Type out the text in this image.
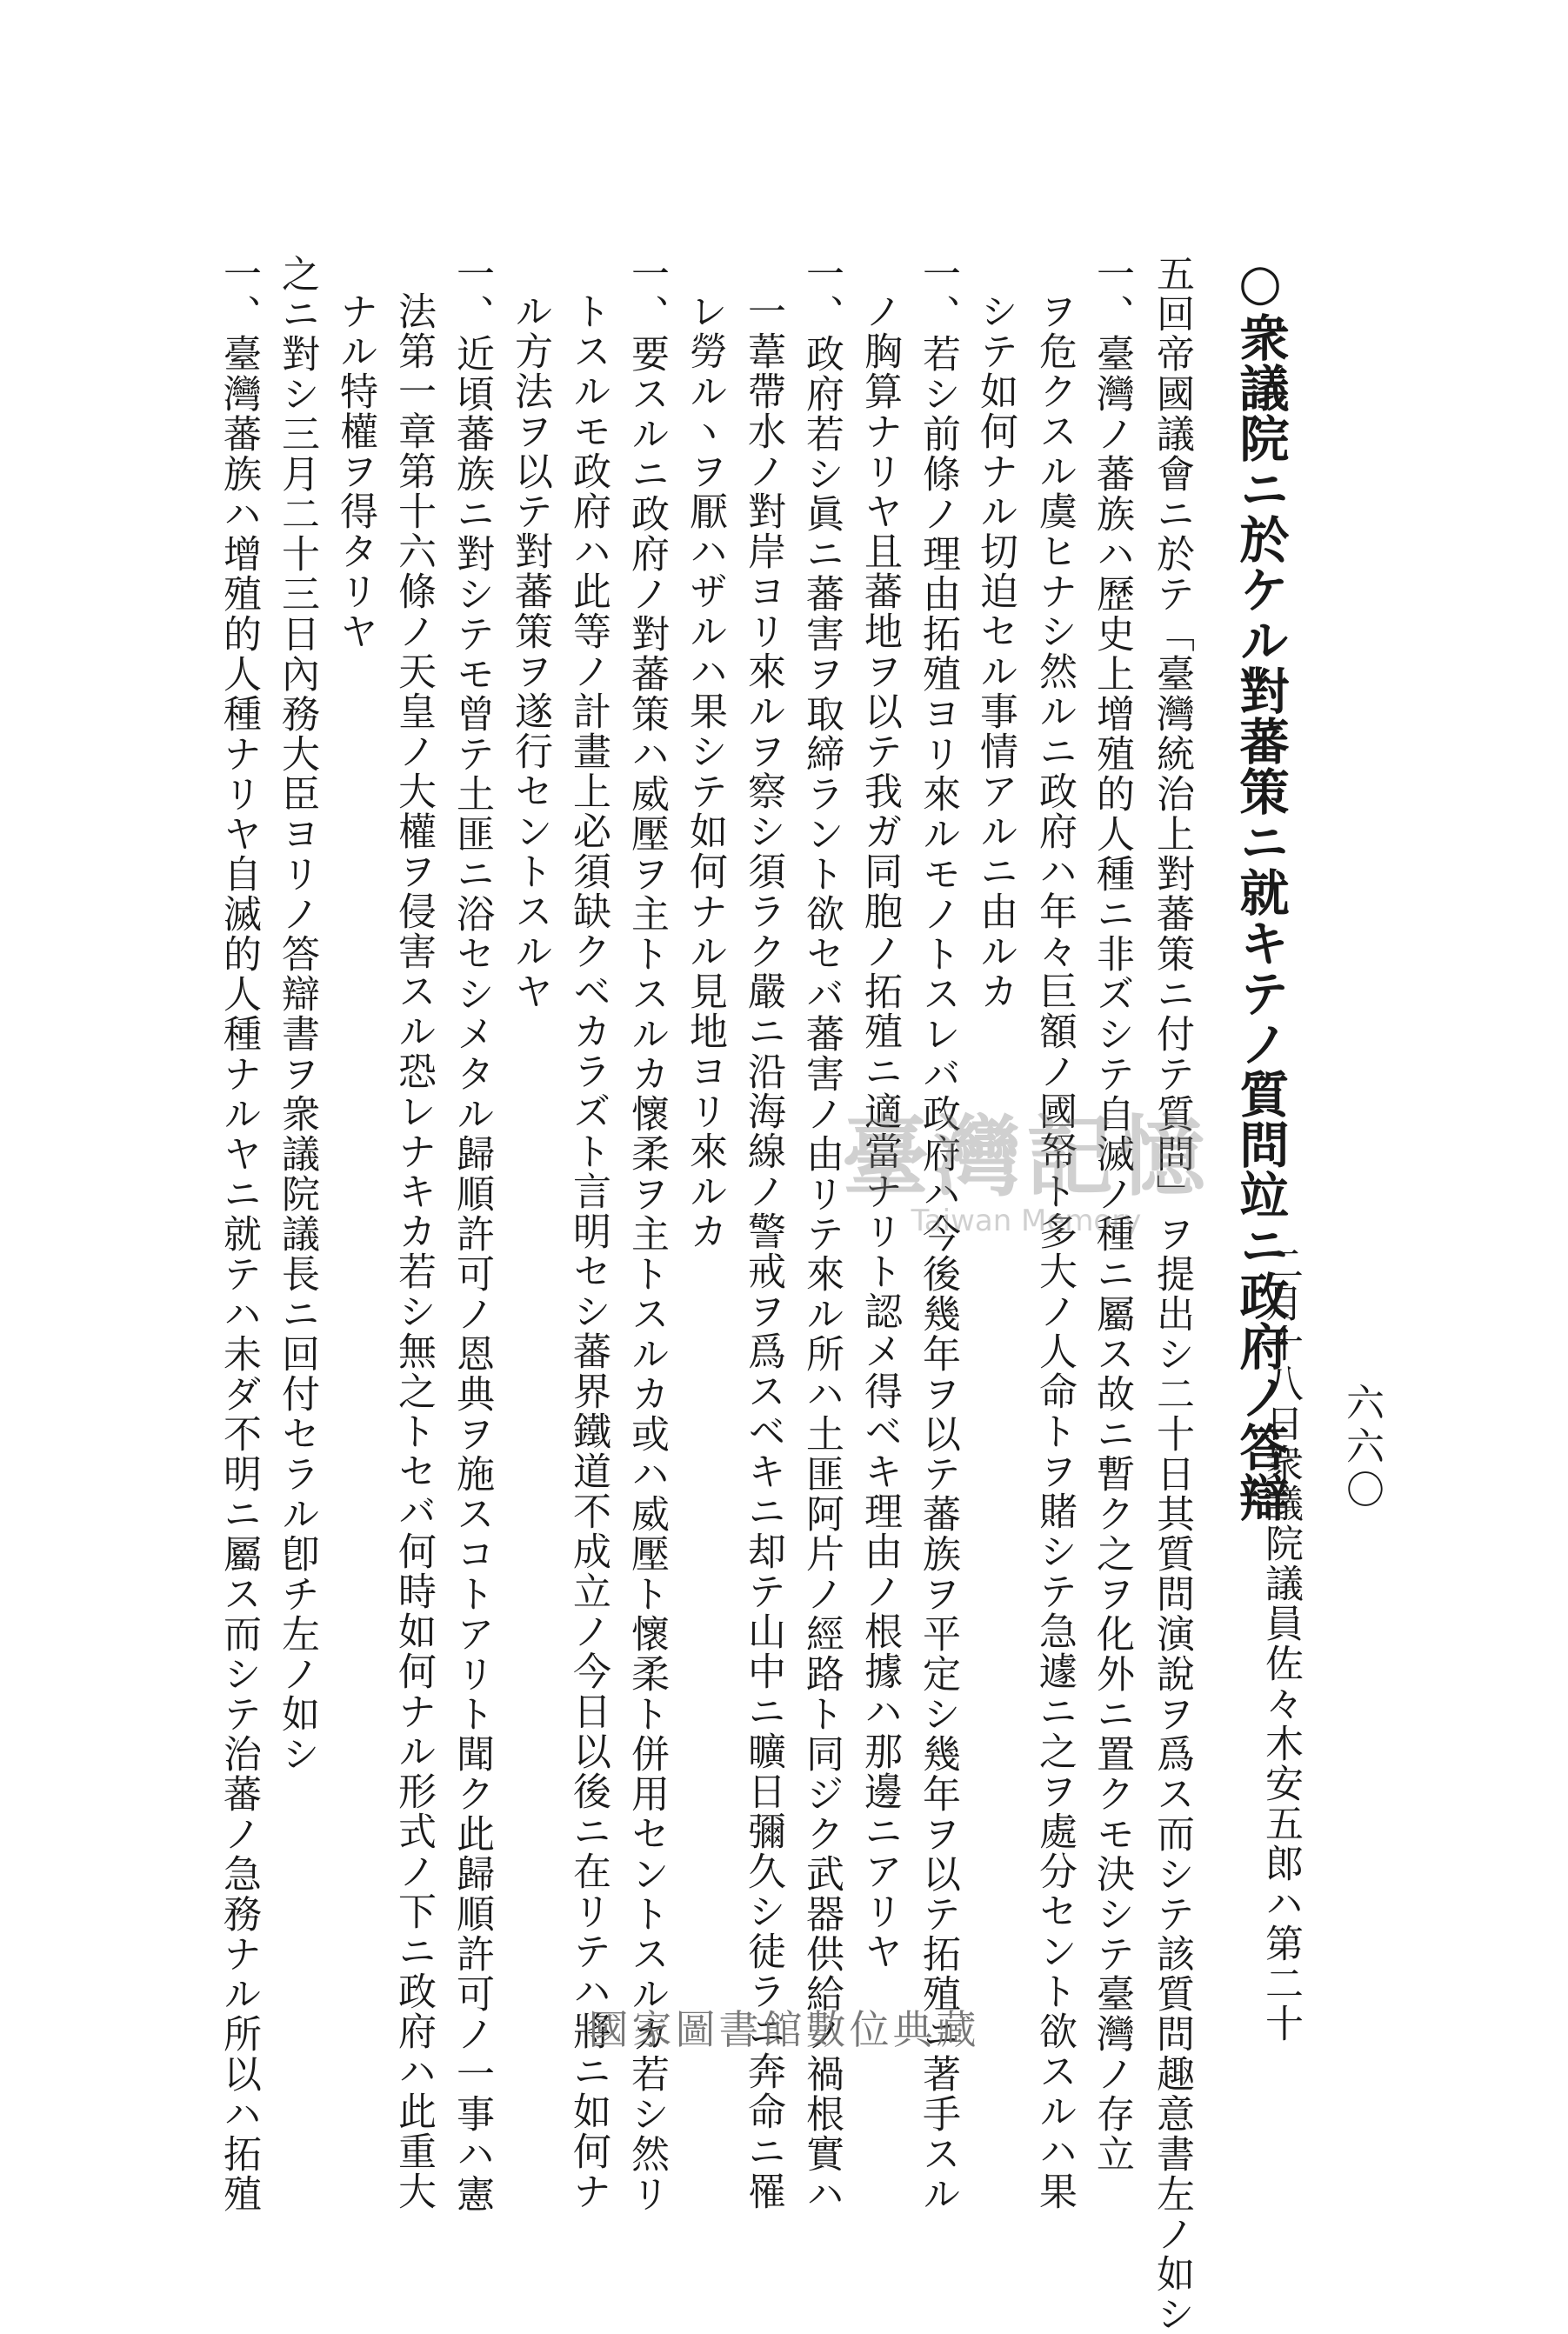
六六〇
○衆議院ニ於ケル對蕃策ニ就キテノ質問竝ニ政府ノ答辯
二月十八日衆議院議員佐々木安五郎ハ第二十
五回帝國議會ニ於テ「臺灣統治上對蕃策ニ付テ質問」ヲ提出シ二十日其質問演說ヲ爲ス而シテ該質問趣意書左ノ如シ
一、臺灣ノ蕃族ハ歷史上增殖的人種ニ非ズシテ自滅ノ種ニ屬ス故ニ暫ク之ヲ化外ニ置クモ決シテ臺灣ノ存立
ヲ危クスル虞ヒナシ然ルニ政府ハ年々巨額ノ國帑ト多大ノ人命トヲ賭シテ急遽ニ之ヲ處分セント欲スルハ果
シテ如何ナル切迫セル事情アルニ由ルカ
一、若シ前條ノ理由拓殖ヨリ來ルモノトスレバ政府ハ今後幾年ヲ以テ蕃族ヲ平定シ幾年ヲ以テ拓殖ニ著手スル
ノ胸算ナリヤ且蕃地ヲ以テ我ガ同胞ノ拓殖ニ適當ナリト認メ得ベキ理由ノ根據ハ那邊ニアリヤ
一、政府若シ眞ニ蕃害ヲ取締ラント欲セバ蕃害ノ由リテ來ル所ハ土匪阿片ノ經路ト同ジク武器供給ノ禍根實ハ
一葦帶水ノ對岸ヨリ來ルヲ察シ須ラク嚴ニ沿海線ノ警戒ヲ爲スベキニ却テ山中ニ曠日彌久シ徒ラニ奔命ニ罹
レ勞ルヽヲ厭ハザルハ果シテ如何ナル見地ヨリ來ルカ
一、要スルニ政府ノ對蕃策ハ威壓ヲ主トスルカ懷柔ヲ主トスルカ或ハ威壓ト懷柔ト併用セントスルカ若シ然リ
トスルモ政府ハ此等ノ計畫上必須缺クベカラズト言明セシ蕃界鐵道不成立ノ今日以後ニ在リテハ將ニ如何ナ
ル方法ヲ以テ對蕃策ヲ遂行セントスルヤ
一、近頃蕃族ニ對シテモ曾テ土匪ニ浴セシメタル歸順許可ノ恩典ヲ施スコトアリト聞ク此歸順許可ノ一事ハ憲
法第一章第十六條ノ天皇ノ大權ヲ侵害スル恐レナキカ若シ無之トセバ何時如何ナル形式ノ下ニ政府ハ此重大
ナル特權ヲ得タリヤ
之ニ對シ三月二十三日內務大臣ヨリノ答辯書ヲ衆議院議長ニ回付セラル卽チ左ノ如シ
一、臺灣蕃族ハ增殖的人種ナリヤ自滅的人種ナルヤニ就テハ未ダ不明ニ屬ス而シテ治蕃ノ急務ナル所以ハ拓殖	臺灣記憶
Taiwan Memory
國家圖書館數位典藏
